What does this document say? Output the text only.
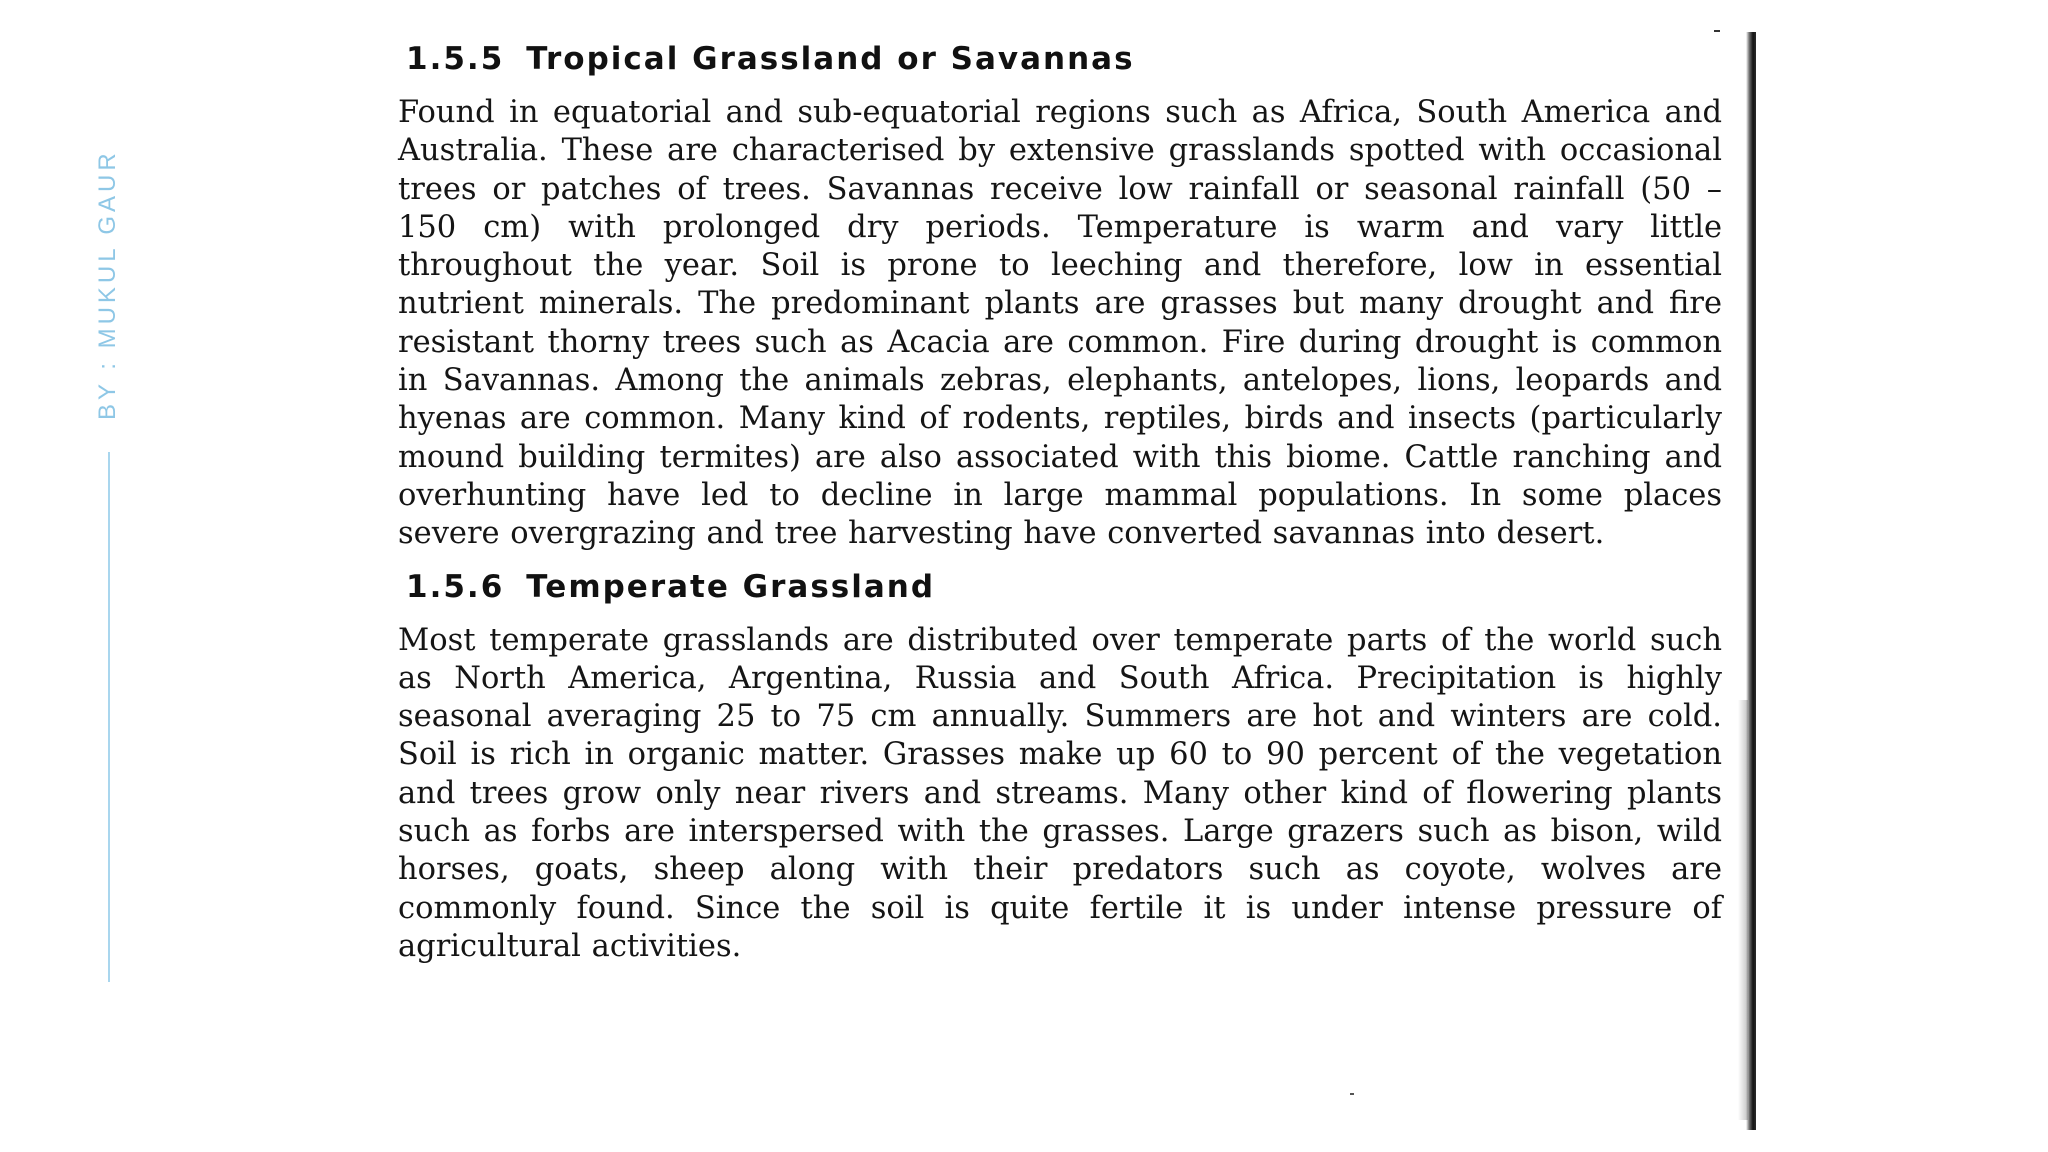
BY : MUKUL GAUR
1.5.5 Tropical Grassland or Savannas

Found in equatorial and sub-equatorial regions such as Africa, South America and Australia. These are characterised by extensive grasslands spotted with occasional trees or patches of trees. Savannas receive low rainfall or seasonal rainfall (50 – 150 cm) with prolonged dry periods. Temperature is warm and vary little throughout the year. Soil is prone to leeching and therefore, low in essential nutrient minerals. The predominant plants are grasses but many drought and fire resistant thorny trees such as Acacia are common. Fire during drought is common in Savannas. Among the animals zebras, elephants, antelopes, lions, leopards and hyenas are common. Many kind of rodents, reptiles, birds and insects (particularly mound building termites) are also associated with this biome. Cattle ranching and overhunting have led to decline in large mammal populations. In some places severe overgrazing and tree harvesting have converted savannas into desert.

1.5.6 Temperate Grassland

Most temperate grasslands are distributed over temperate parts of the world such as North America, Argentina, Russia and South Africa. Precipitation is highly seasonal averaging 25 to 75 cm annually. Summers are hot and winters are cold. Soil is rich in organic matter. Grasses make up 60 to 90 percent of the vegetation and trees grow only near rivers and streams. Many other kind of flowering plants such as forbs are interspersed with the grasses. Large grazers such as bison, wild horses, goats, sheep along with their predators such as coyote, wolves are commonly found. Since the soil is quite fertile it is under intense pressure of agricultural activities.
